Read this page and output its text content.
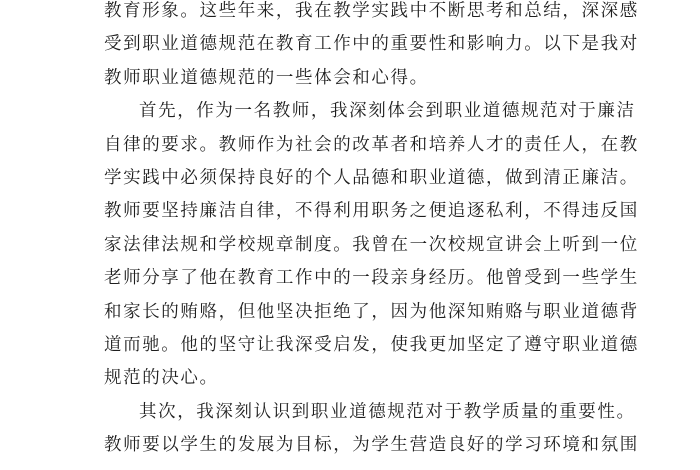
教育形象。这些年来，我在教学实践中不断思考和总结，深深感
受到职业道德规范在教育工作中的重要性和影响力。以下是我对
教师职业道德规范的一些体会和心得。
首先，作为一名教师，我深刻体会到职业道德规范对于廉洁
自律的要求。教师作为社会的改革者和培养人才的责任人，在教
学实践中必须保持良好的个人品德和职业道德，做到清正廉洁。
教师要坚持廉洁自律，不得利用职务之便追逐私利，不得违反国
家法律法规和学校规章制度。我曾在一次校规宣讲会上听到一位
老师分享了他在教育工作中的一段亲身经历。他曾受到一些学生
和家长的贿赂，但他坚决拒绝了，因为他深知贿赂与职业道德背
道而驰。他的坚守让我深受启发，使我更加坚定了遵守职业道德
规范的决心。
其次，我深刻认识到职业道德规范对于教学质量的重要性。
教师要以学生的发展为目标，为学生营造良好的学习环境和氛围
